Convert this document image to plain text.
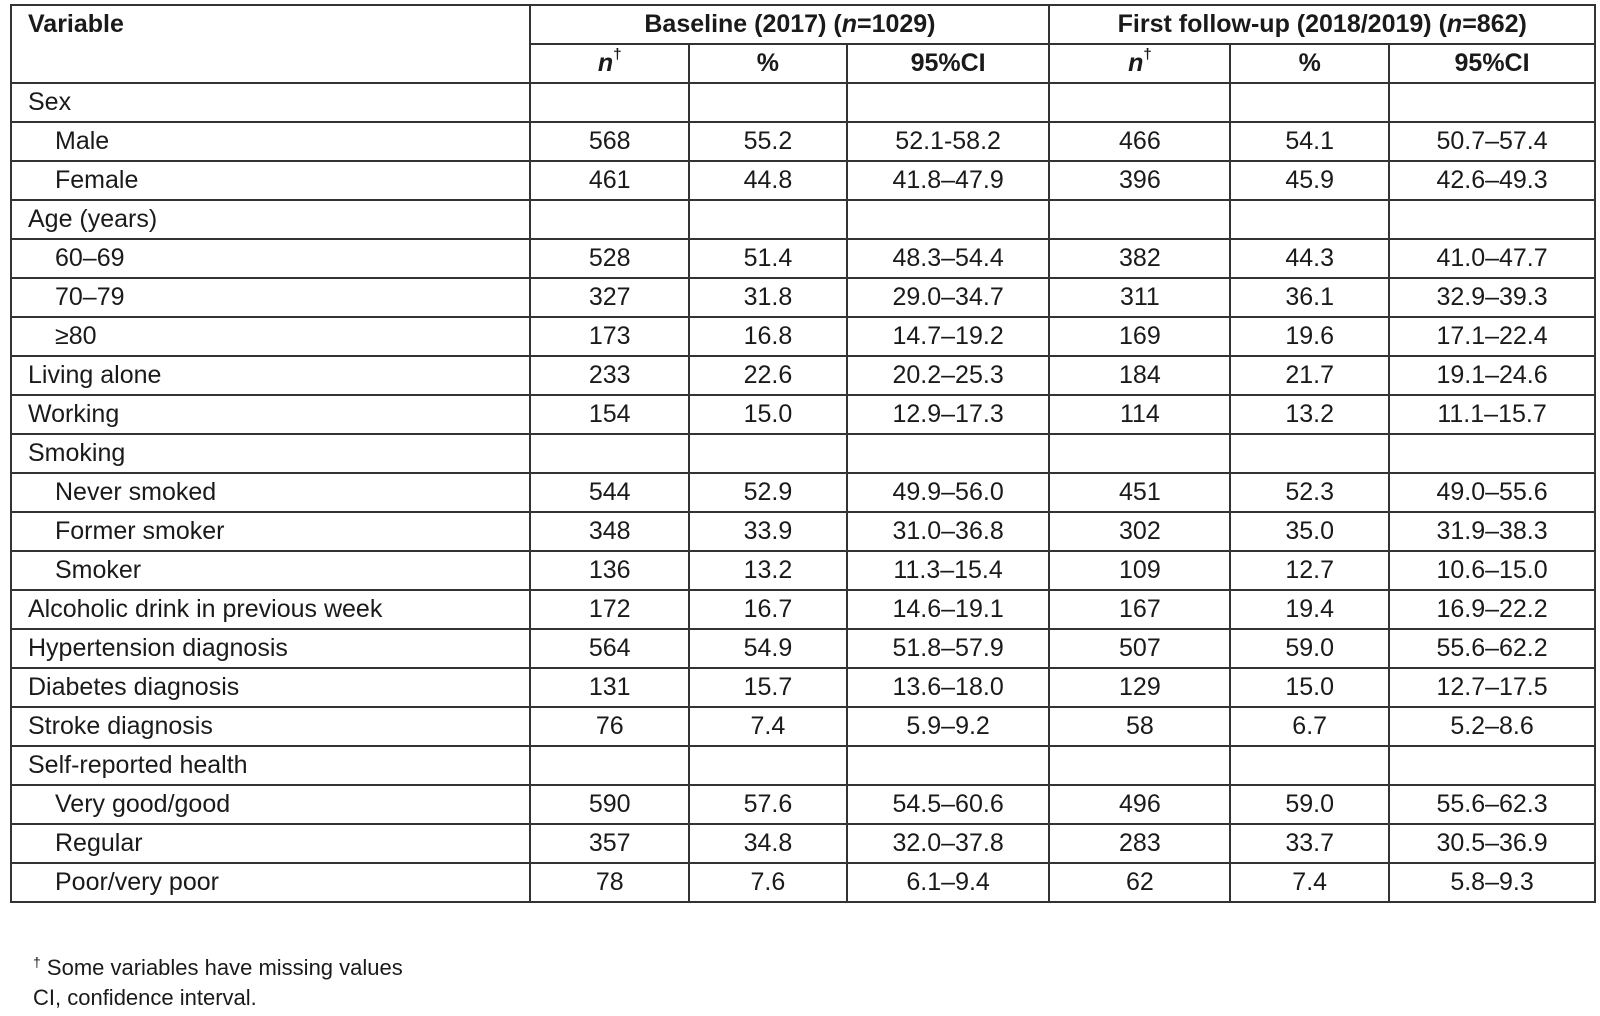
Variable	Baseline (2017) (n=1029)			First follow-up (2018/2019) (n=862)		
	n†	%	95%CI	n†	%	95%CI
Sex						
Male	568	55.2	52.1-58.2	466	54.1	50.7–57.4
Female	461	44.8	41.8–47.9	396	45.9	42.6–49.3
Age (years)						
60–69	528	51.4	48.3–54.4	382	44.3	41.0–47.7
70–79	327	31.8	29.0–34.7	311	36.1	32.9–39.3
≥80	173	16.8	14.7–19.2	169	19.6	17.1–22.4
Living alone	233	22.6	20.2–25.3	184	21.7	19.1–24.6
Working	154	15.0	12.9–17.3	114	13.2	11.1–15.7
Smoking						
Never smoked	544	52.9	49.9–56.0	451	52.3	49.0–55.6
Former smoker	348	33.9	31.0–36.8	302	35.0	31.9–38.3
Smoker	136	13.2	11.3–15.4	109	12.7	10.6–15.0
Alcoholic drink in previous week	172	16.7	14.6–19.1	167	19.4	16.9–22.2
Hypertension diagnosis	564	54.9	51.8–57.9	507	59.0	55.6–62.2
Diabetes diagnosis	131	15.7	13.6–18.0	129	15.0	12.7–17.5
Stroke diagnosis	76	7.4	5.9–9.2	58	6.7	5.2–8.6
Self-reported health						
Very good/good	590	57.6	54.5–60.6	496	59.0	55.6–62.3
Regular	357	34.8	32.0–37.8	283	33.7	30.5–36.9
Poor/very poor	78	7.6	6.1–9.4	62	7.4	5.8–9.3
† Some variables have missing values
CI, confidence interval.
